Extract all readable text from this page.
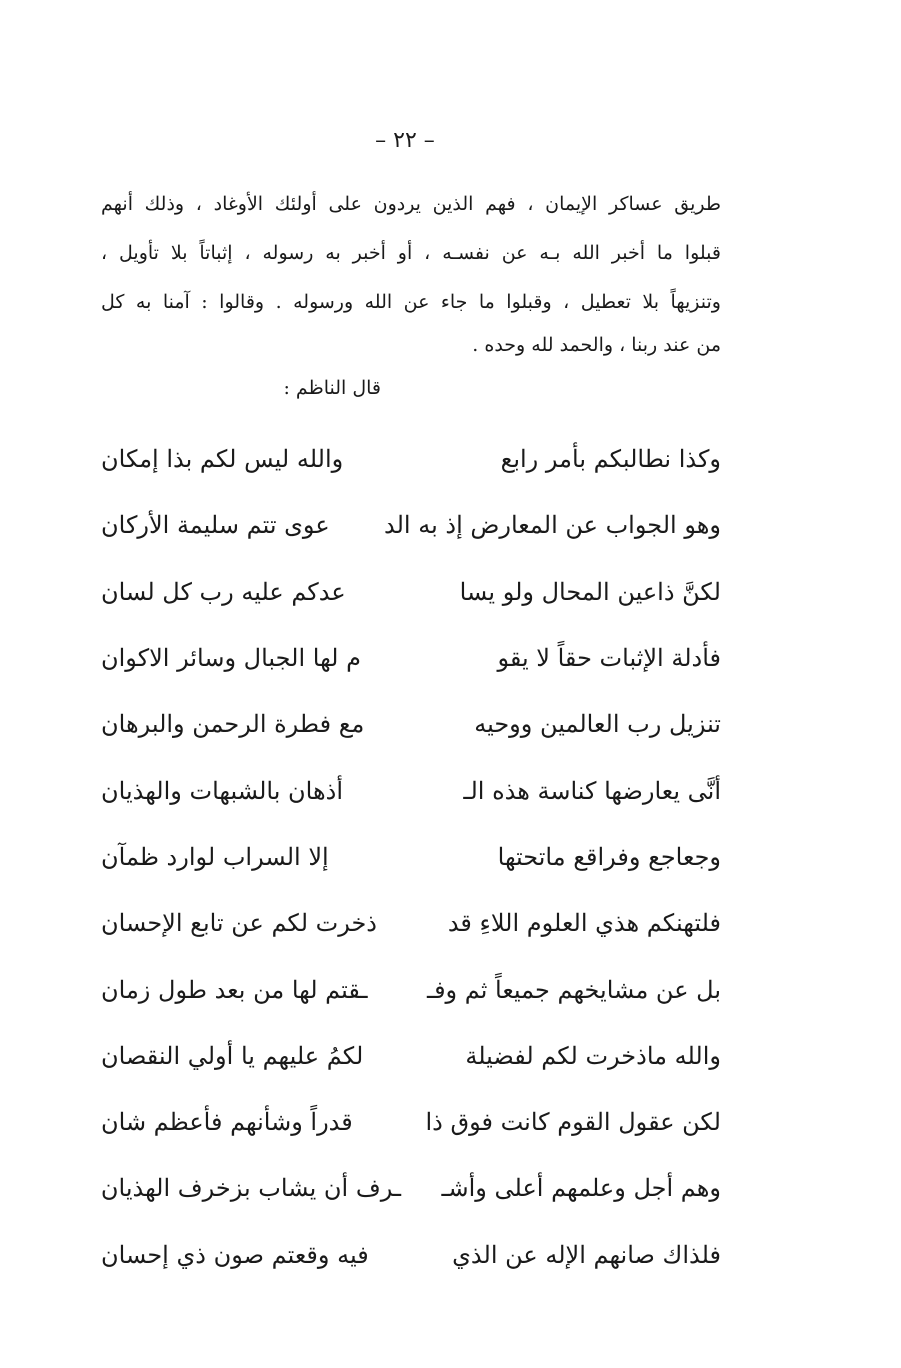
– ٢٢ –
طريق عساكر الإيمان ، فهم الذين يردون على أولئك الأوغاد ، وذلك أنهم
قبلوا ما أخبر الله بـه عن نفسـه ، أو أخبر به رسوله ، إثباتاً بلا تأويل ،
وتنزيهاً بلا تعطيل ، وقبلوا ما جاء عن الله ورسوله . وقالوا : آمنا به كل
من عند ربنا ، والحمد لله وحده .
قال الناظم :
وكذا نطالبكم بأمر رابع
والله ليس لكم بذا إمكان
وهو الجواب عن المعارض إذ به الد
عوى تتم سليمة الأركان
لكنَّ ذاعين المحال ولو يسا
عدكم عليه رب كل لسان
فأدلة الإثبات حقاً لا يقو
م لها الجبال وسائر الاكوان
تنزيل رب العالمين ووحيه
مع فطرة الرحمن والبرهان
أنَّى يعارضها كناسة هذه الـ
أذهان بالشبهات والهذيان
وجعاجع وفراقع ماتحتها
إلا السراب لوارد ظمآن
فلتهنكم هذي العلوم اللاءِ قد
ذخرت لكم عن تابع الإحسان
بل عن مشايخهم جميعاً ثم وفـ
ـقتم لها من بعد طول زمان
والله ماذخرت لكم لفضيلة
لكمُ عليهم يا أولي النقصان
لكن عقول القوم كانت فوق ذا
قدراً وشأنهم فأعظم شان
وهم أجل وعلمهم أعلى وأشـ
ـرف أن يشاب بزخرف الهذيان
فلذاك صانهم الإله عن الذي
فيه وقعتم صون ذي إحسان
